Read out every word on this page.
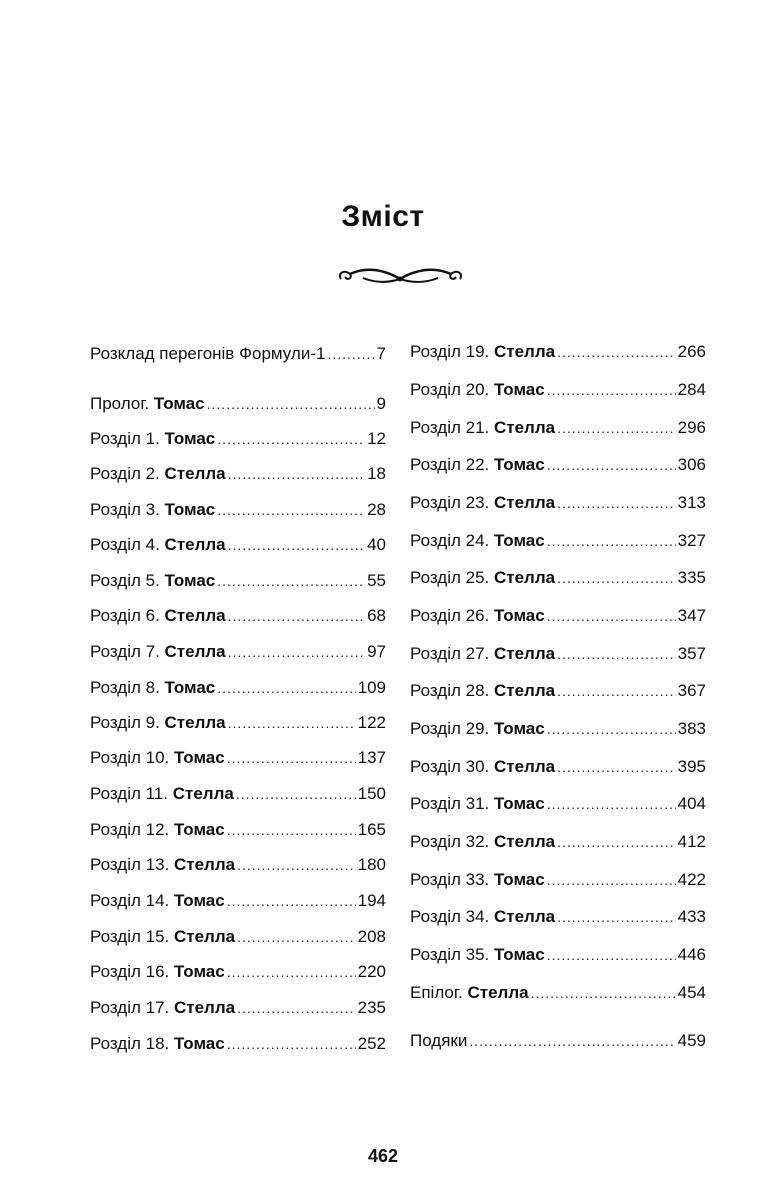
Зміст
Розклад перегонів Формули-1 .....	7
Пролог. Томас .....	9
Розділ 1. Томас .....	12
Розділ 2. Стелла .....	18
Розділ 3. Томас .....	28
Розділ 4. Стелла .....	40
Розділ 5. Томас .....	55
Розділ 6. Стелла .....	68
Розділ 7. Стелла .....	97
Розділ 8. Томас .....	109
Розділ 9. Стелла .....	122
Розділ 10. Томас .....	137
Розділ 11. Стелла .....	150
Розділ 12. Томас .....	165
Розділ 13. Стелла .....	180
Розділ 14. Томас .....	194
Розділ 15. Стелла .....	208
Розділ 16. Томас .....	220
Розділ 17. Стелла .....	235
Розділ 18. Томас .....	252
Розділ 19. Стелла .....	266
Розділ 20. Томас .....	284
Розділ 21. Стелла .....	296
Розділ 22. Томас .....	306
Розділ 23. Стелла .....	313
Розділ 24. Томас .....	327
Розділ 25. Стелла .....	335
Розділ 26. Томас .....	347
Розділ 27. Стелла .....	357
Розділ 28. Стелла .....	367
Розділ 29. Томас .....	383
Розділ 30. Стелла .....	395
Розділ 31. Томас .....	404
Розділ 32. Стелла .....	412
Розділ 33. Томас .....	422
Розділ 34. Стелла .....	433
Розділ 35. Томас .....	446
Епілог. Стелла .....	454
Подяки .....	459
462
